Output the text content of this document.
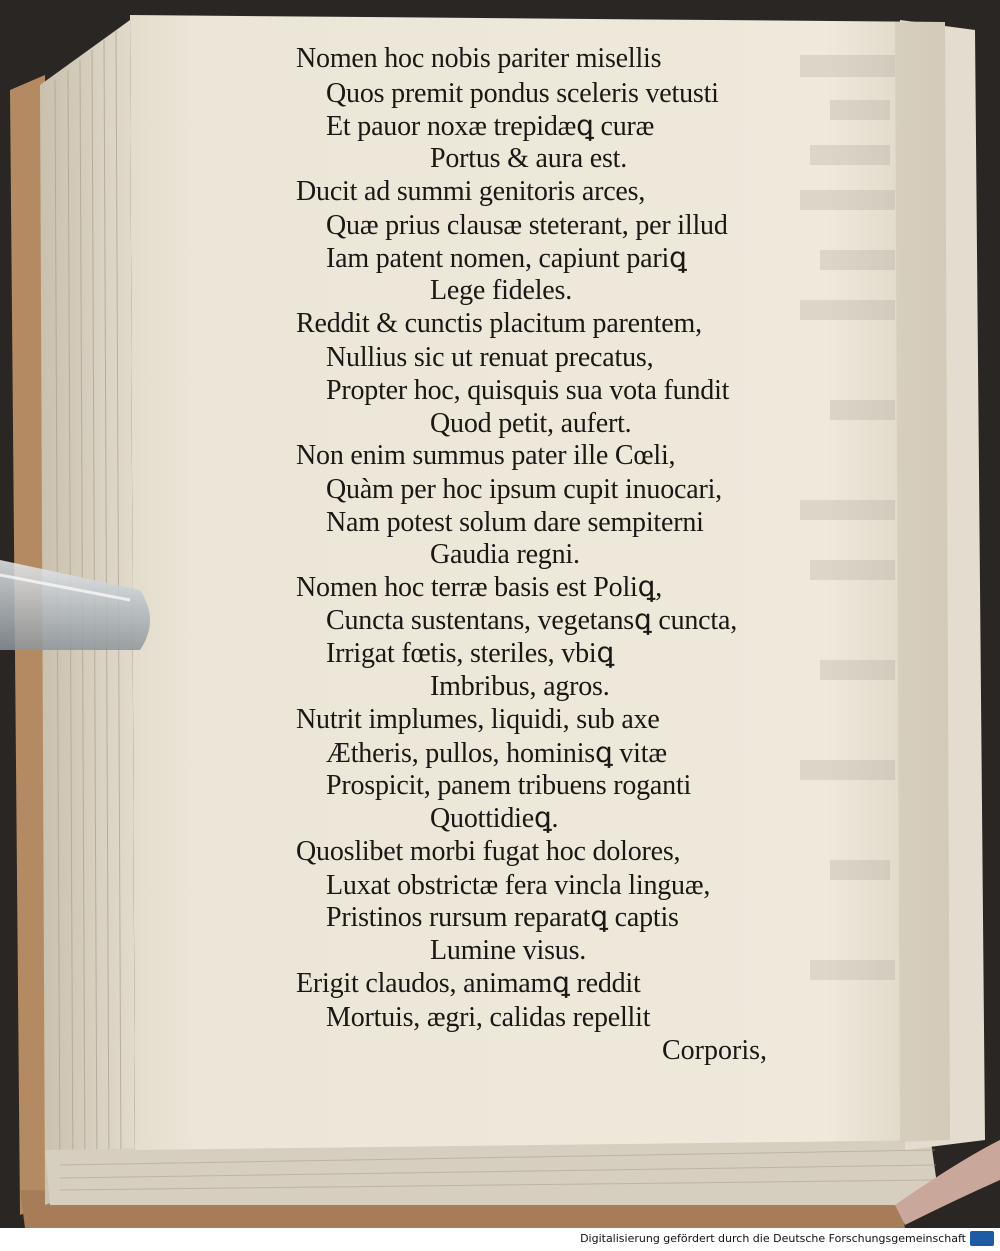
Nomen hoc nobis pariter misellis
Quos premit pondus sceleris vetusti
Et pauor noxæ trepidæꝗ curæ
Portus & aura est.
Ducit ad summi genitoris arces,
Quæ prius clausæ steterant, per illud
Iam patent nomen, capiunt pariꝗ
Lege fideles.
Reddit & cunctis placitum parentem,
Nullius sic ut renuat precatus,
Propter hoc, quisquis sua vota fundit
Quod petit, aufert.
Non enim summus pater ille Cœli,
Quàm per hoc ipsum cupit inuocari,
Nam potest solum dare sempiterni
Gaudia regni.
Nomen hoc terræ basis est Poliꝗ,
Cuncta sustentans, vegetansꝗ cuncta,
Irrigat fœtis, steriles, vbiꝗ
Imbribus, agros.
Nutrit implumes, liquidi, sub axe
Ætheris, pullos, hominisꝗ vitæ
Prospicit, panem tribuens roganti
Quottidieꝗ.
Quoslibet morbi fugat hoc dolores,
Luxat obstrictæ fera vincla linguæ,
Pristinos rursum reparatꝗ captis
Lumine visus.
Erigit claudos, animamꝗ reddit
Mortuis, ægri, calidas repellit
Corporis,
Digitalisierung gefördert durch die Deutsche Forschungsgemeinschaft
